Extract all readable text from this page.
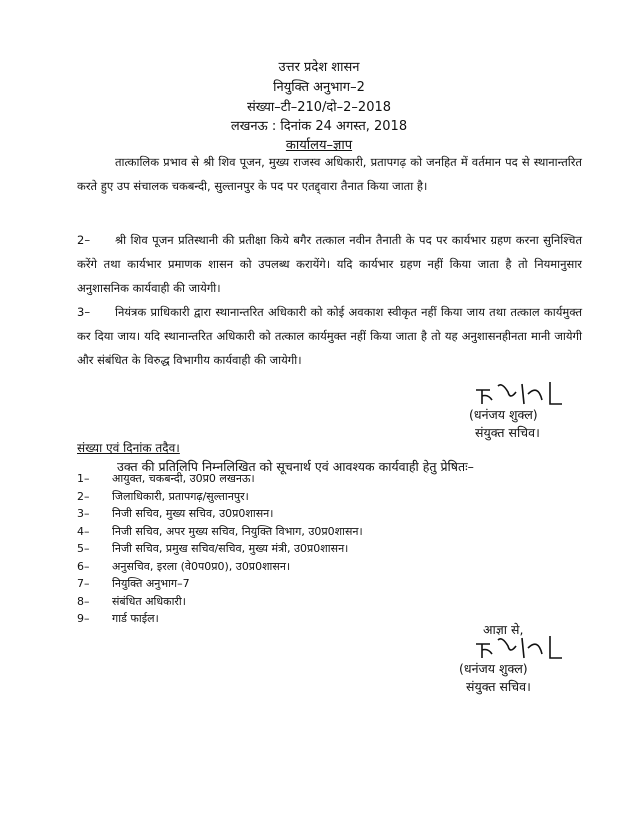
उत्तर प्रदेश शासन
नियुक्ति अनुभाग–2
संख्या–टी–210/दो–2–2018
लखनऊ : दिनांक 24 अगस्त, 2018
कार्यालय–ज्ञाप
तात्कालिक प्रभाव से श्री शिव पूजन, मुख्य राजस्व अधिकारी, प्रतापगढ़ को जनहित में वर्तमान पद से स्थानान्तरित करते हुए उप संचालक चकबन्दी, सुल्तानपुर के पद पर एतद्द्वारा तैनात किया जाता है।
2– श्री शिव पूजन प्रतिस्थानी की प्रतीक्षा किये बगैर तत्काल नवीन तैनाती के पद पर कार्यभार ग्रहण करना सुनिश्चित करेंगे तथा कार्यभार प्रमाणक शासन को उपलब्ध करायेंगे। यदि कार्यभार ग्रहण नहीं किया जाता है तो नियमानुसार अनुशासनिक कार्यवाही की जायेगी।
3– नियंत्रक प्राधिकारी द्वारा स्थानान्तरित अधिकारी को कोई अवकाश स्वीकृत नहीं किया जाय तथा तत्काल कार्यमुक्त कर दिया जाय। यदि स्थानान्तरित अधिकारी को तत्काल कार्यमुक्त नहीं किया जाता है तो यह अनुशासनहीनता मानी जायेगी और संबंधित के विरुद्ध विभागीय कार्यवाही की जायेगी।
(धनंजय शुक्ल)
संयुक्त सचिव।
संख्या एवं दिनांक तदैव।
उक्त की प्रतिलिपि निम्नलिखित को सूचनार्थ एवं आवश्यक कार्यवाही हेतु प्रेषितः–
1– आयुक्त, चकबन्दी, उ0प्र0 लखनऊ।
2– जिलाधिकारी, प्रतापगढ़/सुल्तानपुर।
3– निजी सचिव, मुख्य सचिव, उ0प्र0शासन।
4– निजी सचिव, अपर मुख्य सचिव, नियुक्ति विभाग, उ0प्र0शासन।
5– निजी सचिव, प्रमुख सचिव/सचिव, मुख्य मंत्री, उ0प्र0शासन।
6– अनुसचिव, इरला (वे0प0प्र0), उ0प्र0शासन।
7– नियुक्ति अनुभाग–7
8– संबंधित अधिकारी।
9– गार्ड फाईल।
आज्ञा से,
(धनंजय शुक्ल)
संयुक्त सचिव।
